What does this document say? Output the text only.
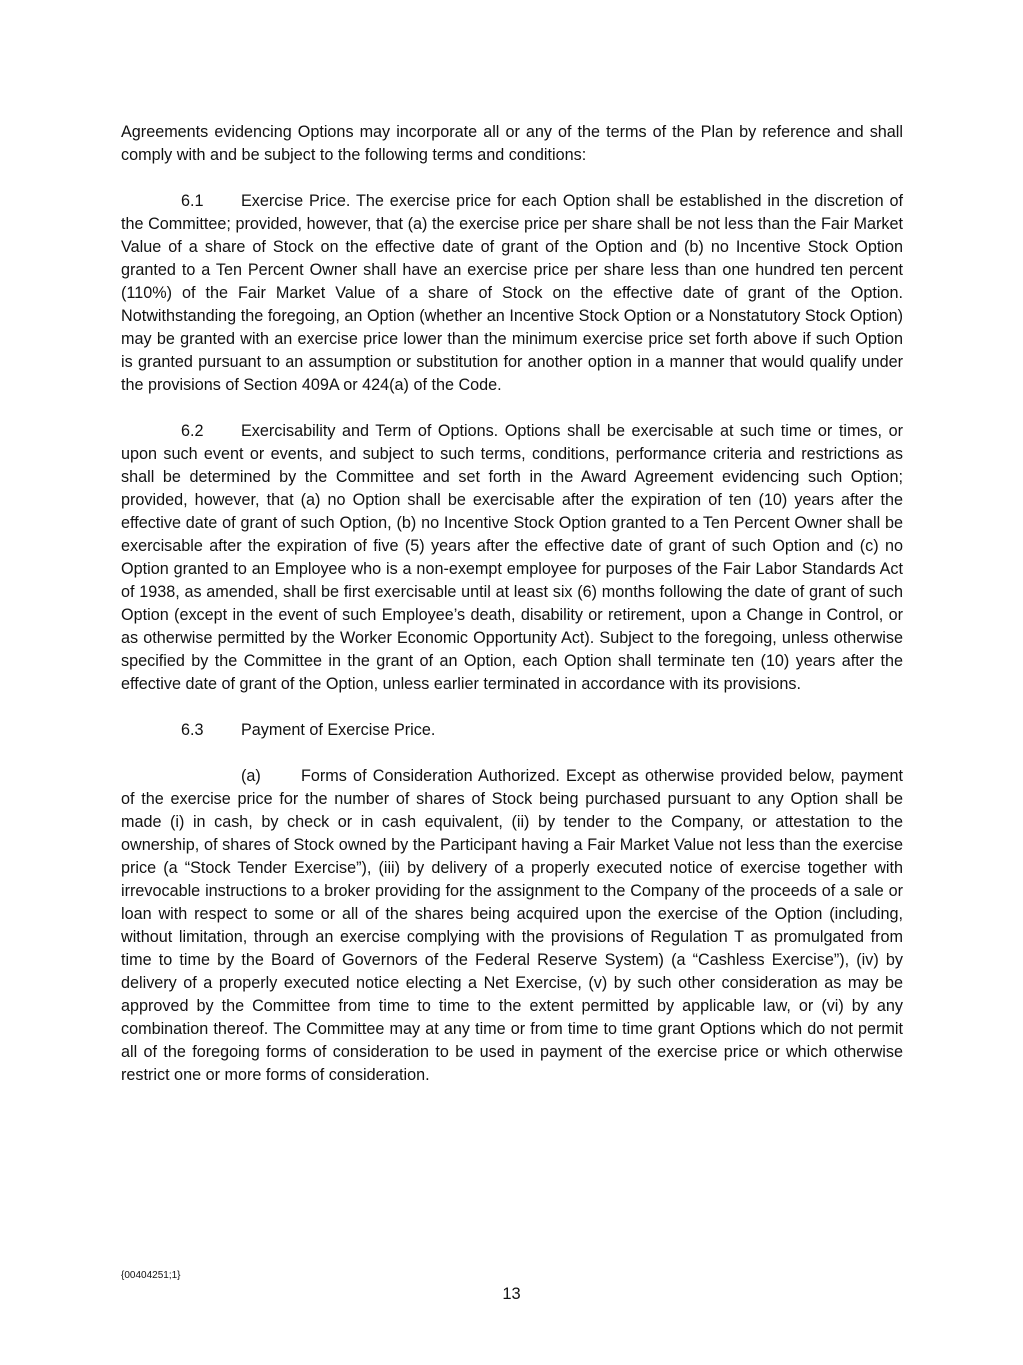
Agreements evidencing Options may incorporate all or any of the terms of the Plan by reference and shall comply with and be subject to the following terms and conditions:

6.1 Exercise Price. The exercise price for each Option shall be established in the discretion of the Committee; provided, however, that (a) the exercise price per share shall be not less than the Fair Market Value of a share of Stock on the effective date of grant of the Option and (b) no Incentive Stock Option granted to a Ten Percent Owner shall have an exercise price per share less than one hundred ten percent (110%) of the Fair Market Value of a share of Stock on the effective date of grant of the Option. Notwithstanding the foregoing, an Option (whether an Incentive Stock Option or a Nonstatutory Stock Option) may be granted with an exercise price lower than the minimum exercise price set forth above if such Option is granted pursuant to an assumption or substitution for another option in a manner that would qualify under the provisions of Section 409A or 424(a) of the Code.

6.2 Exercisability and Term of Options. Options shall be exercisable at such time or times, or upon such event or events, and subject to such terms, conditions, performance criteria and restrictions as shall be determined by the Committee and set forth in the Award Agreement evidencing such Option; provided, however, that (a) no Option shall be exercisable after the expiration of ten (10) years after the effective date of grant of such Option, (b) no Incentive Stock Option granted to a Ten Percent Owner shall be exercisable after the expiration of five (5) years after the effective date of grant of such Option and (c) no Option granted to an Employee who is a non-exempt employee for purposes of the Fair Labor Standards Act of 1938, as amended, shall be first exercisable until at least six (6) months following the date of grant of such Option (except in the event of such Employee’s death, disability or retirement, upon a Change in Control, or as otherwise permitted by the Worker Economic Opportunity Act). Subject to the foregoing, unless otherwise specified by the Committee in the grant of an Option, each Option shall terminate ten (10) years after the effective date of grant of the Option, unless earlier terminated in accordance with its provisions.

6.3 Payment of Exercise Price.

(a) Forms of Consideration Authorized. Except as otherwise provided below, payment of the exercise price for the number of shares of Stock being purchased pursuant to any Option shall be made (i) in cash, by check or in cash equivalent, (ii) by tender to the Company, or attestation to the ownership, of shares of Stock owned by the Participant having a Fair Market Value not less than the exercise price (a “Stock Tender Exercise”), (iii) by delivery of a properly executed notice of exercise together with irrevocable instructions to a broker providing for the assignment to the Company of the proceeds of a sale or loan with respect to some or all of the shares being acquired upon the exercise of the Option (including, without limitation, through an exercise complying with the provisions of Regulation T as promulgated from time to time by the Board of Governors of the Federal Reserve System) (a “Cashless Exercise”), (iv) by delivery of a properly executed notice electing a Net Exercise, (v) by such other consideration as may be approved by the Committee from time to time to the extent permitted by applicable law, or (vi) by any combination thereof. The Committee may at any time or from time to time grant Options which do not permit all of the foregoing forms of consideration to be used in payment of the exercise price or which otherwise restrict one or more forms of consideration.

{00404251;1}
13
